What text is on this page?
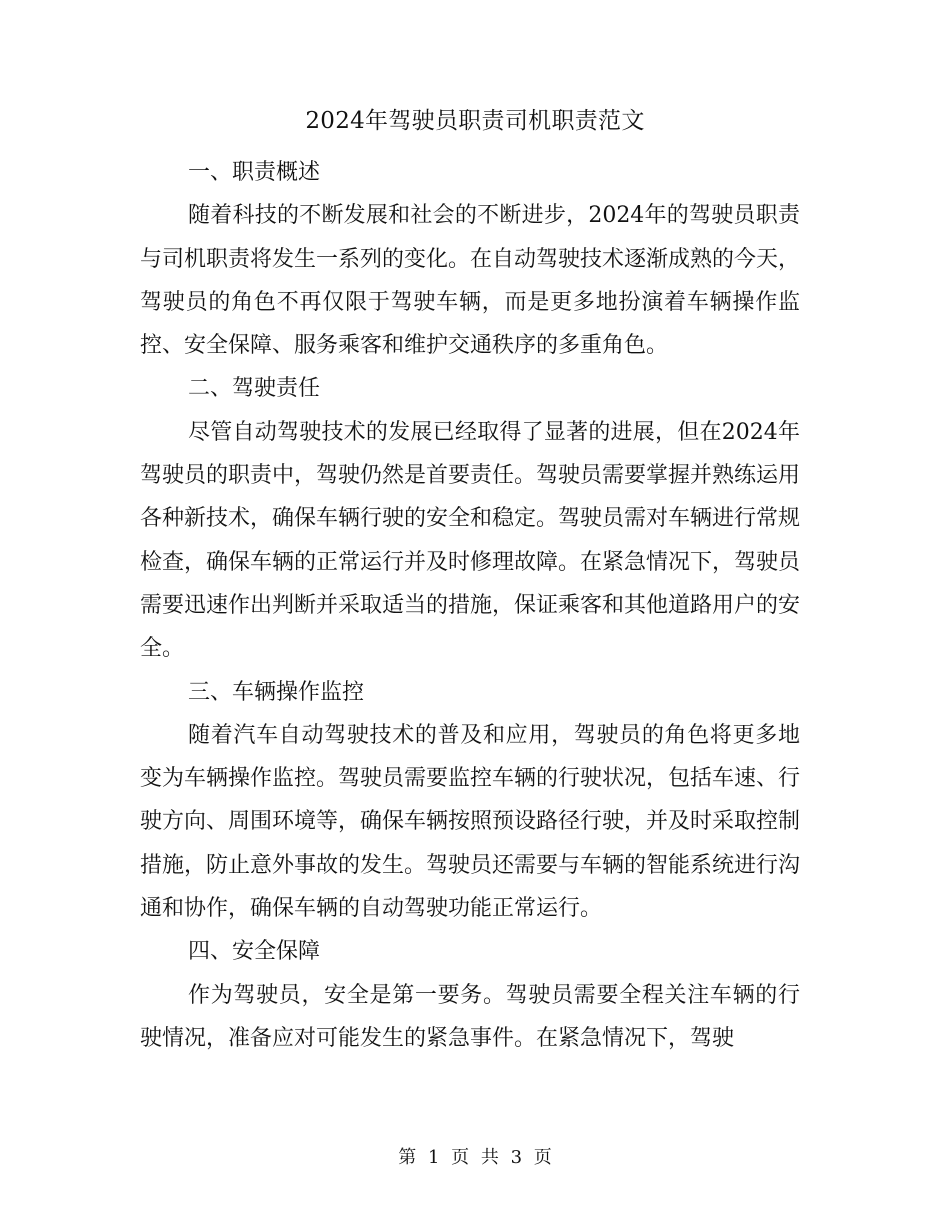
2024年驾驶员职责司机职责范文

一、职责概述

随着科技的不断发展和社会的不断进步，2024年的驾驶员职责与司机职责将发生一系列的变化。在自动驾驶技术逐渐成熟的今天，驾驶员的角色不再仅限于驾驶车辆，而是更多地扮演着车辆操作监控、安全保障、服务乘客和维护交通秩序的多重角色。

二、驾驶责任

尽管自动驾驶技术的发展已经取得了显著的进展，但在2024年驾驶员的职责中，驾驶仍然是首要责任。驾驶员需要掌握并熟练运用各种新技术，确保车辆行驶的安全和稳定。驾驶员需对车辆进行常规检查，确保车辆的正常运行并及时修理故障。在紧急情况下，驾驶员需要迅速作出判断并采取适当的措施，保证乘客和其他道路用户的安全。

三、车辆操作监控

随着汽车自动驾驶技术的普及和应用，驾驶员的角色将更多地变为车辆操作监控。驾驶员需要监控车辆的行驶状况，包括车速、行驶方向、周围环境等，确保车辆按照预设路径行驶，并及时采取控制措施，防止意外事故的发生。驾驶员还需要与车辆的智能系统进行沟通和协作，确保车辆的自动驾驶功能正常运行。

四、安全保障

作为驾驶员，安全是第一要务。驾驶员需要全程关注车辆的行驶情况，准备应对可能发生的紧急事件。在紧急情况下，驾驶

第 1 页 共 3 页
